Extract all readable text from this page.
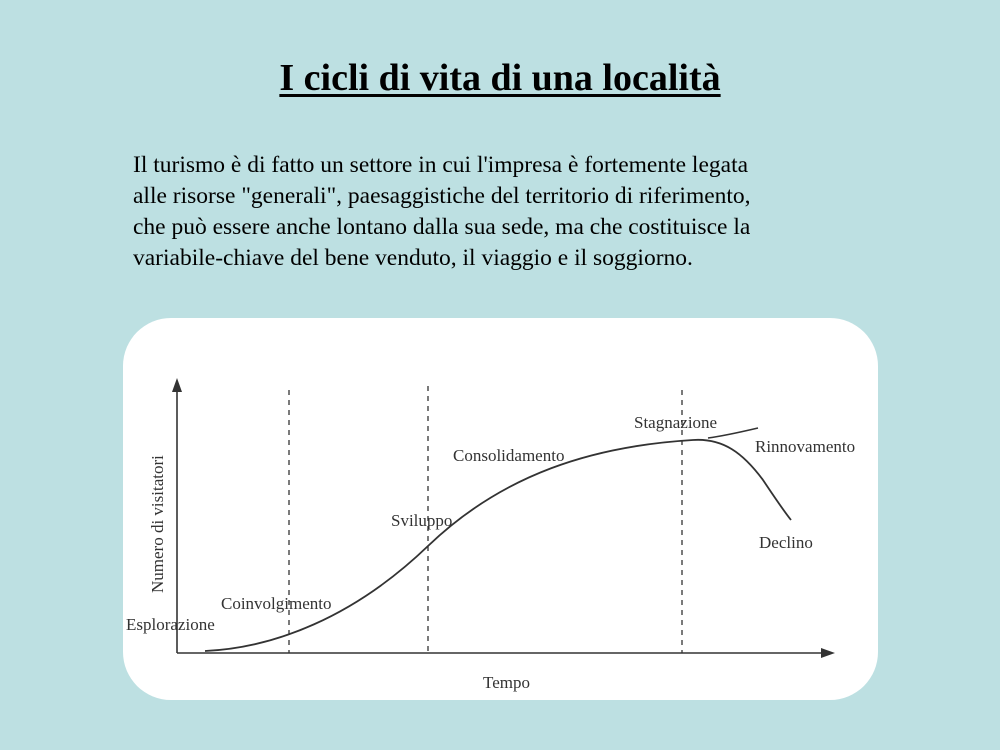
I cicli di vita di una località

Il turismo è di fatto un settore in cui l'impresa è fortemente legata
alle risorse "generali", paesaggistiche del territorio di riferimento,
che può essere anche lontano dalla sua sede, ma che costituisce la
variabile-chiave del bene venduto, il viaggio e il soggiorno.

Numero di visitatori
Tempo
Esplorazione
Coinvolgimento
Sviluppo
Consolidamento
Stagnazione
Rinnovamento
Declino
